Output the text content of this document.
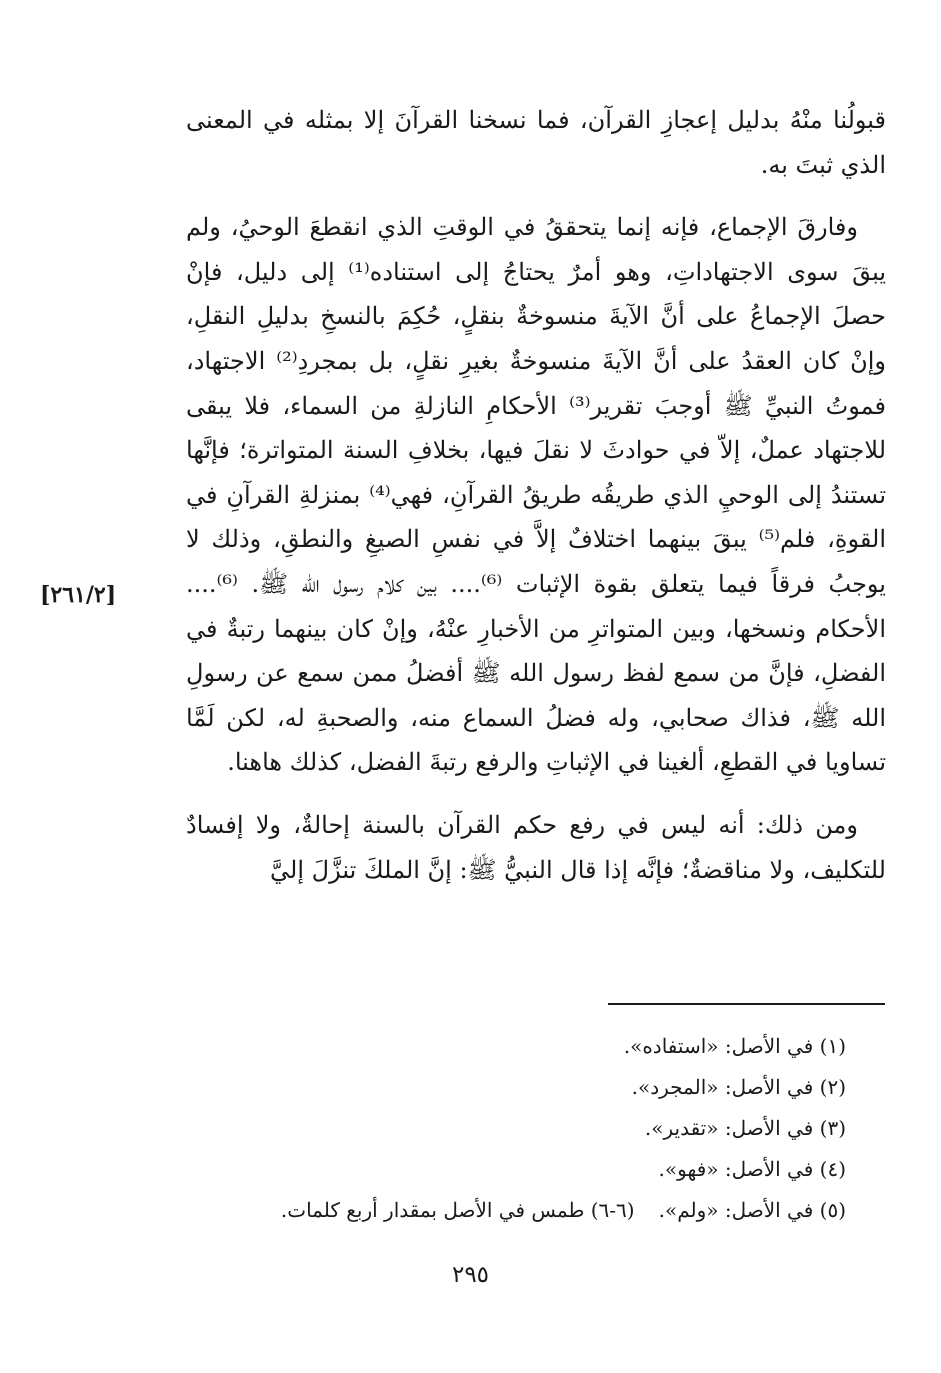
قبولُنا منْهُ بدليل إعجازِ القرآن، فما نسخنا القرآنَ إلا بمثله في المعنى الذي ثبتَ به.

وفارقَ الإجماع، فإنه إنما يتحققُ في الوقتِ الذي انقطعَ الوحيُ، ولم يبقَ سوى الاجتهاداتِ، وهو أمرٌ يحتاجُ إلى استناده⁽¹⁾ إلى دليل، فإنْ حصلَ الإجماعُ على أنَّ الآيةَ منسوخةٌ بنقلٍ، حُكِمَ بالنسخِ بدليلِ النقلِ، وإنْ كان العقدُ على أنَّ الآيةَ منسوخةٌ بغيرِ نقلٍ، بل بمجردِ⁽²⁾ الاجتهاد، فموتُ النبيِّ ﷺ أوجبَ تقرير⁽³⁾ الأحكامِ النازلةِ من السماء، فلا يبقى للاجتهاد عملٌ، إلاّ في حوادثَ لا نقلَ فيها، بخلافِ السنة المتواترة؛ فإنَّها تستندُ إلى الوحيِ الذي طريقُه طريقُ القرآنِ، فهي⁽⁴⁾ بمنزلةِ القرآنِ في القوةِ، فلم⁽⁵⁾ يبقَ بينهما اختلافٌ إلاَّ في نفسِ الصيغِ والنطقِ، وذلك لا يوجبُ فرقاً فيما يتعلق بقوة الإثبات ⁽⁶⁾.... بين كلام رسول الله ﷺ. ⁽⁶⁾.... الأحكام ونسخها، وبين المتواترِ من الأخبارِ عنْهُ، وإنْ كان بينهما رتبةٌ في الفضلِ، فإنَّ من سمع لفظ رسول الله ﷺ أفضلُ ممن سمع عن رسولِ الله ﷺ، فذاك صحابي، وله فضلُ السماع منه، والصحبةِ له، لكن لَمَّا تساويا في القطعِ، ألغينا في الإثباتِ والرفع رتبةَ الفضل، كذلك هاهنا.

ومن ذلك: أنه ليس في رفع حكم القرآن بالسنة إحالةٌ، ولا إفسادٌ للتكليف، ولا مناقضةٌ؛ فإنَّه إذا قال النبيُّ ﷺ: إنَّ الملكَ تنزَّلَ إليَّ

[٢٦١/٢]
(١) في الأصل: «استفاده».
(٢) في الأصل: «المجرد».
(٣) في الأصل: «تقدير».
(٤) في الأصل: «فهو».
(٥) في الأصل: «ولم».(٦-٦) طمس في الأصل بمقدار أربع كلمات.
٢٩٥
